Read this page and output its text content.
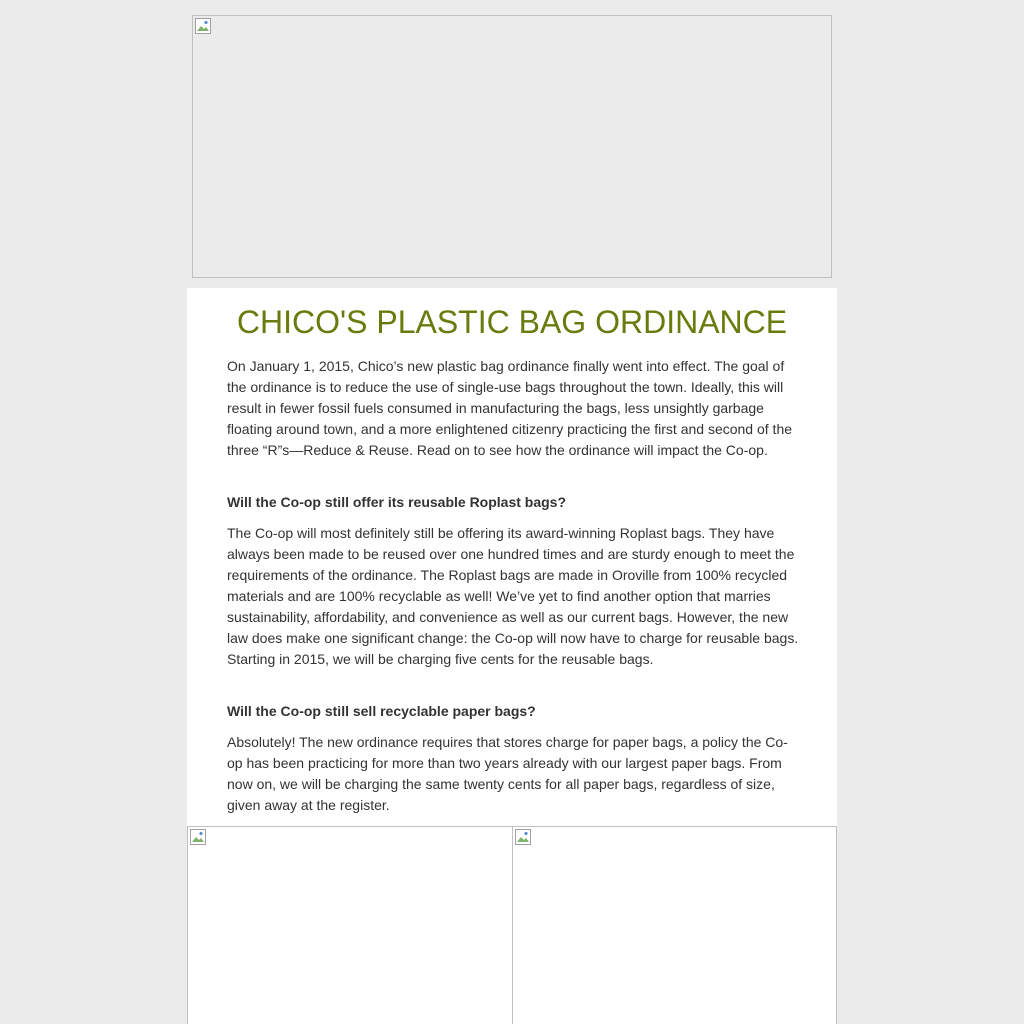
CHICO'S PLASTIC BAG ORDINANCE

On January 1, 2015, Chico’s new plastic bag ordinance finally went into effect. The goal of the ordinance is to reduce the use of single-use bags throughout the town. Ideally, this will result in fewer fossil fuels consumed in manufacturing the bags, less unsightly garbage floating around town, and a more enlightened citizenry practicing the first and second of the three “R”s—Reduce & Reuse. Read on to see how the ordinance will impact the Co-op.

Will the Co-op still offer its reusable Roplast bags?

The Co-op will most definitely still be offering its award-winning Roplast bags. They have always been made to be reused over one hundred times and are sturdy enough to meet the requirements of the ordinance. The Roplast bags are made in Oroville from 100% recycled materials and are 100% recyclable as well! We’ve yet to find another option that marries sustainability, affordability, and convenience as well as our current bags. However, the new law does make one significant change: the Co-op will now have to charge for reusable bags. Starting in 2015, we will be charging five cents for the reusable bags.

Will the Co-op still sell recyclable paper bags?

Absolutely! The new ordinance requires that stores charge for paper bags, a policy the Co-op has been practicing for more than two years already with our largest paper bags. From now on, we will be charging the same twenty cents for all paper bags, regardless of size, given away at the register.
